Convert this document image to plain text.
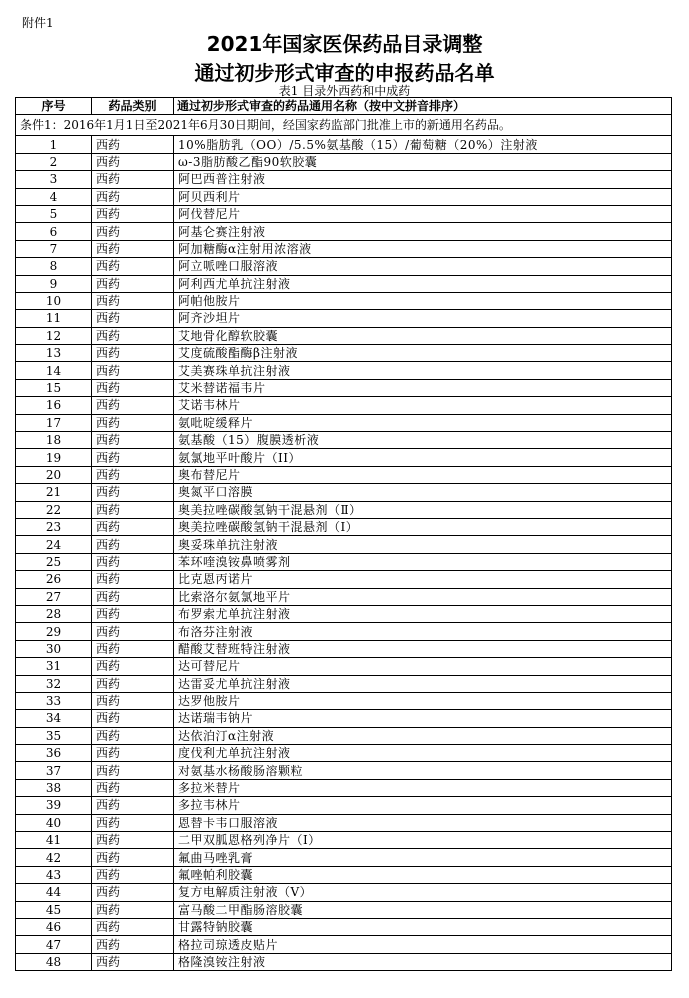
附件1
2021年国家医保药品目录调整
通过初步形式审查的申报药品名单
表1 目录外西药和中成药
序号	药品类别	通过初步形式审查的药品通用名称（按中文拼音排序）
条件1：2016年1月1日至2021年6月30日期间，经国家药监部门批准上市的新通用名药品。		
1	西药	10%脂肪乳（OO）/5.5%氨基酸（15）/葡萄糖（20%）注射液
2	西药	ω-3脂肪酸乙酯90软胶囊
3	西药	阿巴西普注射液
4	西药	阿贝西利片
5	西药	阿伐替尼片
6	西药	阿基仑赛注射液
7	西药	阿加糖酶α注射用浓溶液
8	西药	阿立哌唑口服溶液
9	西药	阿利西尤单抗注射液
10	西药	阿帕他胺片
11	西药	阿齐沙坦片
12	西药	艾地骨化醇软胶囊
13	西药	艾度硫酸酯酶β注射液
14	西药	艾美赛珠单抗注射液
15	西药	艾米替诺福韦片
16	西药	艾诺韦林片
17	西药	氨吡啶缓释片
18	西药	氨基酸（15）腹膜透析液
19	西药	氨氯地平叶酸片（II）
20	西药	奥布替尼片
21	西药	奥氮平口溶膜
22	西药	奥美拉唑碳酸氢钠干混悬剂（Ⅱ）
23	西药	奥美拉唑碳酸氢钠干混悬剂（I）
24	西药	奥妥珠单抗注射液
25	西药	苯环喹溴铵鼻喷雾剂
26	西药	比克恩丙诺片
27	西药	比索洛尔氨氯地平片
28	西药	布罗索尤单抗注射液
29	西药	布洛芬注射液
30	西药	醋酸艾替班特注射液
31	西药	达可替尼片
32	西药	达雷妥尤单抗注射液
33	西药	达罗他胺片
34	西药	达诺瑞韦钠片
35	西药	达依泊汀α注射液
36	西药	度伐利尤单抗注射液
37	西药	对氨基水杨酸肠溶颗粒
38	西药	多拉米替片
39	西药	多拉韦林片
40	西药	恩替卡韦口服溶液
41	西药	二甲双胍恩格列净片（I）
42	西药	氟曲马唑乳膏
43	西药	氟唑帕利胶囊
44	西药	复方电解质注射液（V）
45	西药	富马酸二甲酯肠溶胶囊
46	西药	甘露特钠胶囊
47	西药	格拉司琼透皮贴片
48	西药	格隆溴铵注射液
